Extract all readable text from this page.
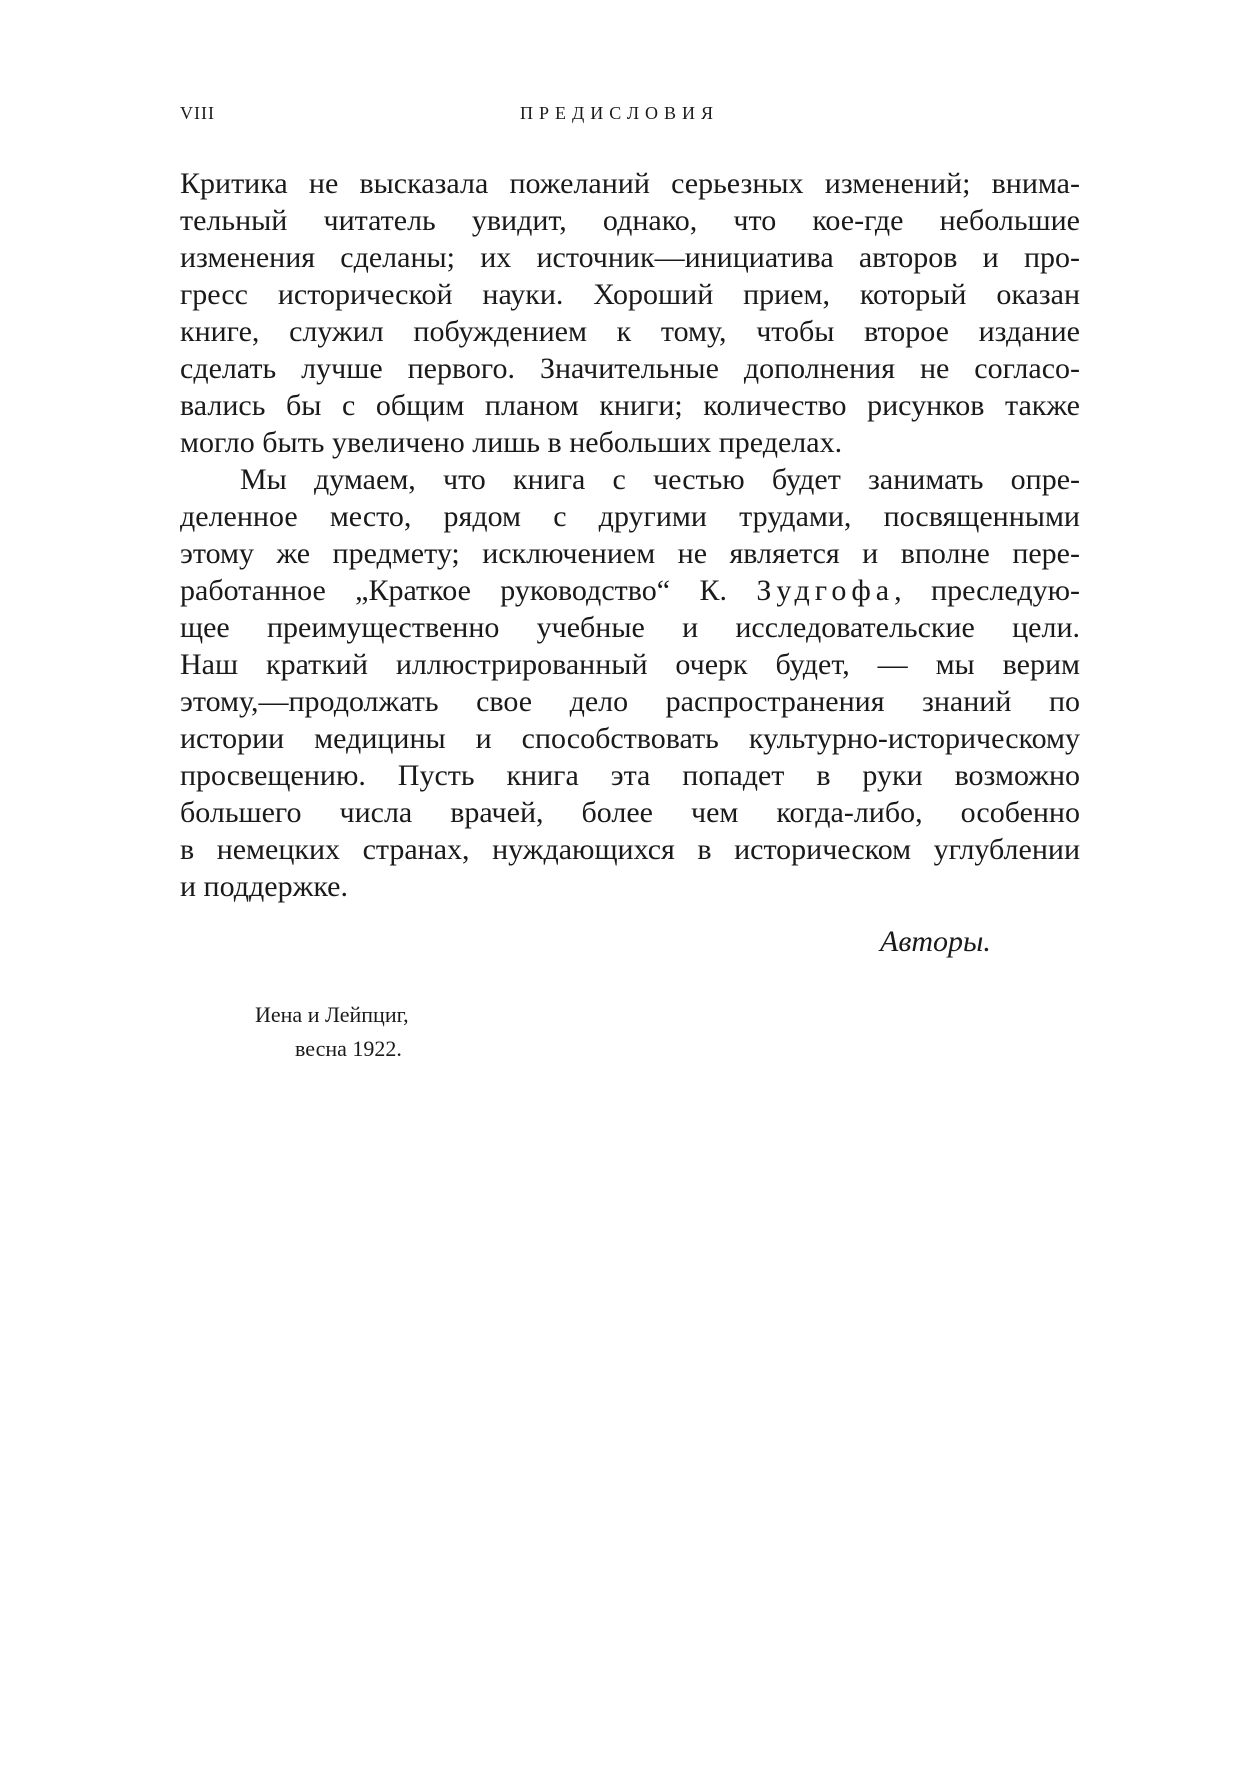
VIII	ПРЕДИСЛОВИЯ
Критика не высказала пожеланий серьезных изменений; внима-
тельный читатель увидит, однако, что кое-где небольшие
изменения сделаны; их источник—инициатива авторов и про-
гресс исторической науки. Хороший прием, который оказан
книге, служил побуждением к тому, чтобы второе издание
сделать лучше первого. Значительные дополнения не согласо-
вались бы с общим планом книги; количество рисунков также
могло быть увеличено лишь в небольших пределах.
Мы думаем, что книга с честью будет занимать опре-
деленное место, рядом с другими трудами, посвященными
этому же предмету; исключением не является и вполне пере-
работанное „Краткое руководство“ К. Зудгофа, преследую-
щее преимущественно учебные и исследовательские цели.
Наш краткий иллюстрированный очерк будет, — мы верим
этому,—продолжать свое дело распространения знаний по
истории медицины и способствовать культурно-историческому
просвещению. Пусть книга эта попадет в руки возможно
большего числа врачей, более чем когда-либо, особенно
в немецких странах, нуждающихся в историческом углублении
и поддержке.
Авторы.
Иена и Лейпциг,
весна 1922.
